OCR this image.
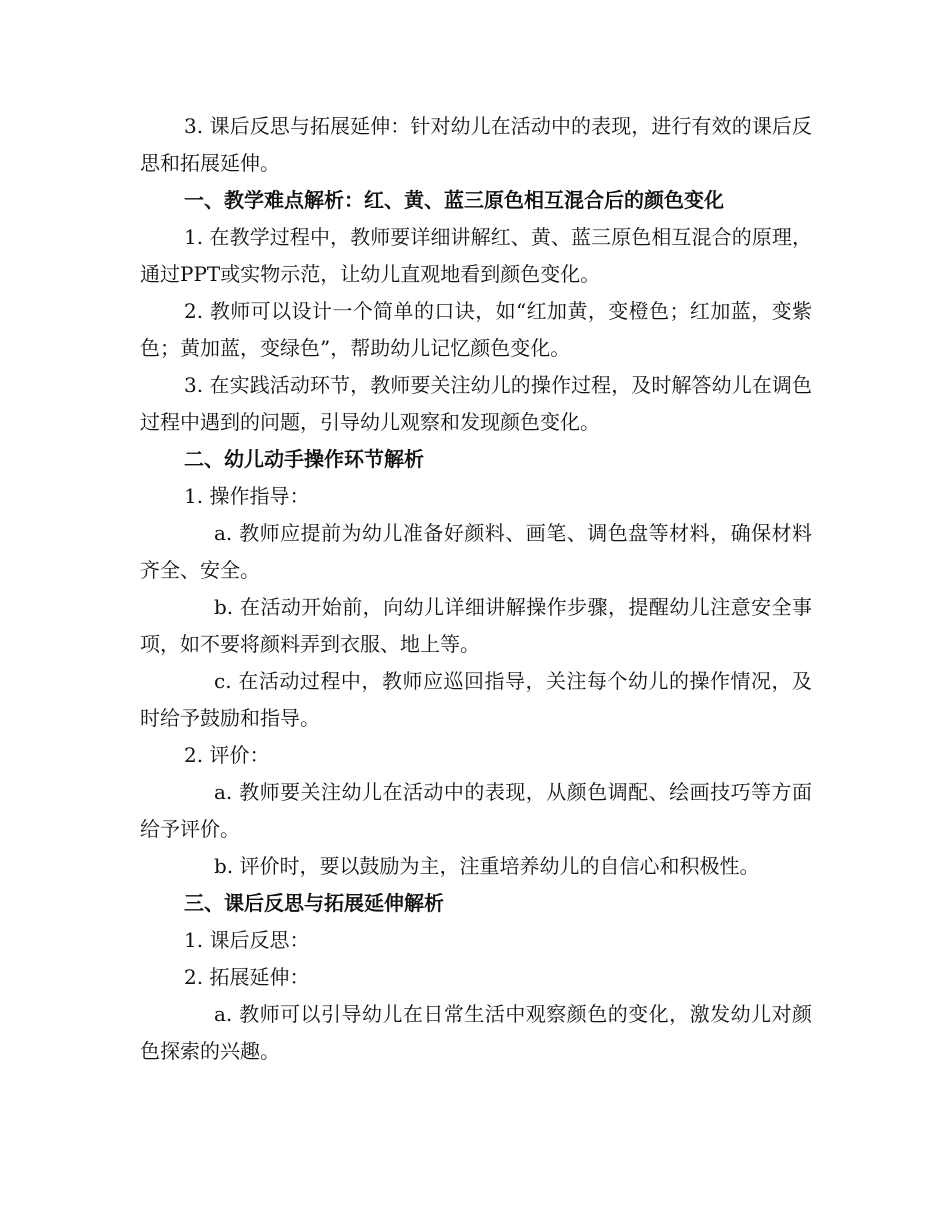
3. 课后反思与拓展延伸：针对幼儿在活动中的表现，进行有效的课后反思和拓展延伸。

一、教学难点解析：红、黄、蓝三原色相互混合后的颜色变化

1. 在教学过程中，教师要详细讲解红、黄、蓝三原色相互混合的原理，通过PPT或实物示范，让幼儿直观地看到颜色变化。

2. 教师可以设计一个简单的口诀，如“红加黄，变橙色；红加蓝，变紫色；黄加蓝，变绿色”，帮助幼儿记忆颜色变化。

3. 在实践活动环节，教师要关注幼儿的操作过程，及时解答幼儿在调色过程中遇到的问题，引导幼儿观察和发现颜色变化。

二、幼儿动手操作环节解析

1. 操作指导：

a. 教师应提前为幼儿准备好颜料、画笔、调色盘等材料，确保材料齐全、安全。

b. 在活动开始前，向幼儿详细讲解操作步骤，提醒幼儿注意安全事项，如不要将颜料弄到衣服、地上等。

c. 在活动过程中，教师应巡回指导，关注每个幼儿的操作情况，及时给予鼓励和指导。

2. 评价：

a. 教师要关注幼儿在活动中的表现，从颜色调配、绘画技巧等方面给予评价。

b. 评价时，要以鼓励为主，注重培养幼儿的自信心和积极性。

三、课后反思与拓展延伸解析

1. 课后反思：

2. 拓展延伸：

a. 教师可以引导幼儿在日常生活中观察颜色的变化，激发幼儿对颜色探索的兴趣。
